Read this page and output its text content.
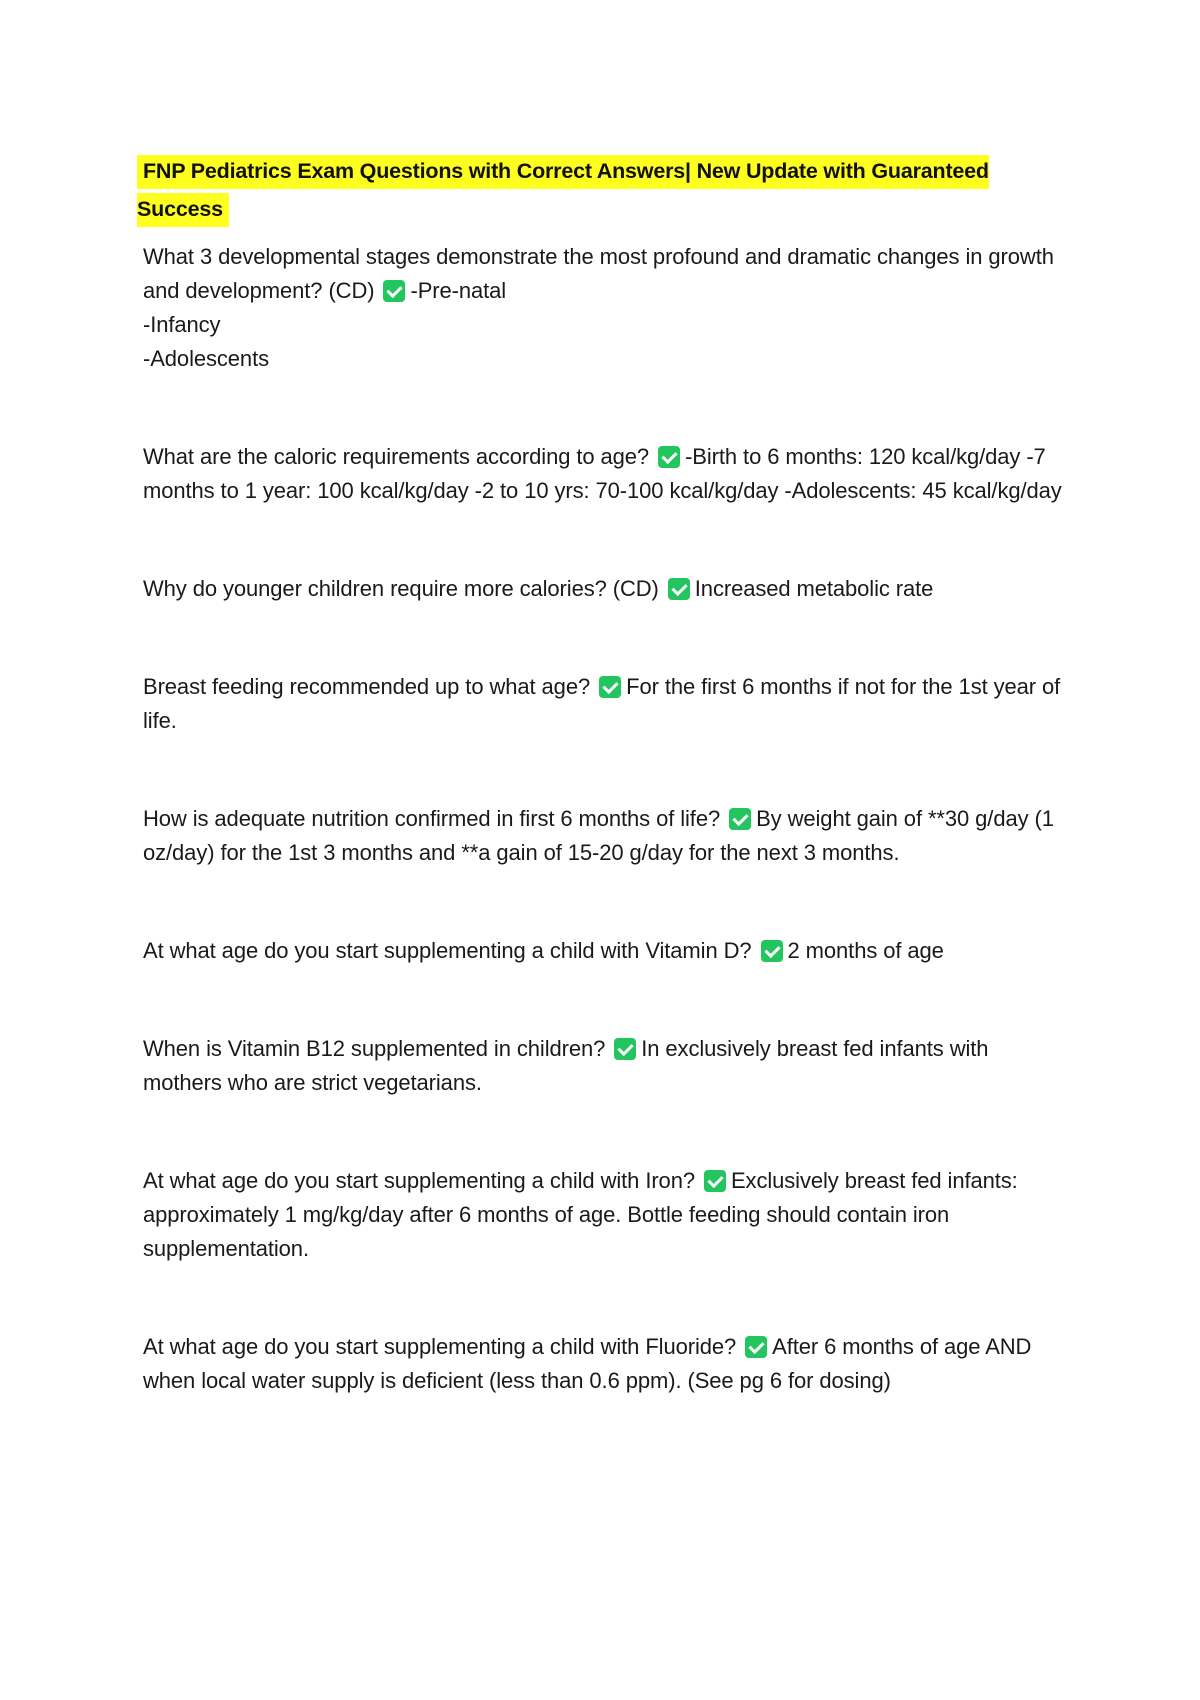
FNP Pediatrics Exam Questions with Correct Answers| New Update with Guaranteed Success

What 3 developmental stages demonstrate the most profound and dramatic changes in growth and development? (CD) -Pre-natal

-Infancy

-Adolescents

What are the caloric requirements according to age? -Birth to 6 months: 120 kcal/kg/day -7 months to 1 year: 100 kcal/kg/day -2 to 10 yrs: 70-100 kcal/kg/day -Adolescents: 45 kcal/kg/day

Why do younger children require more calories? (CD) Increased metabolic rate

Breast feeding recommended up to what age? For the first 6 months if not for the 1st year of life.

How is adequate nutrition confirmed in first 6 months of life? By weight gain of **30 g/day (1 oz/day) for the 1st 3 months and **a gain of 15-20 g/day for the next 3 months.

At what age do you start supplementing a child with Vitamin D? 2 months of age

When is Vitamin B12 supplemented in children? In exclusively breast fed infants with mothers who are strict vegetarians.

At what age do you start supplementing a child with Iron? Exclusively breast fed infants: approximately 1 mg/kg/day after 6 months of age. Bottle feeding should contain iron supplementation.

At what age do you start supplementing a child with Fluoride? After 6 months of age AND when local water supply is deficient (less than 0.6 ppm). (See pg 6 for dosing)
